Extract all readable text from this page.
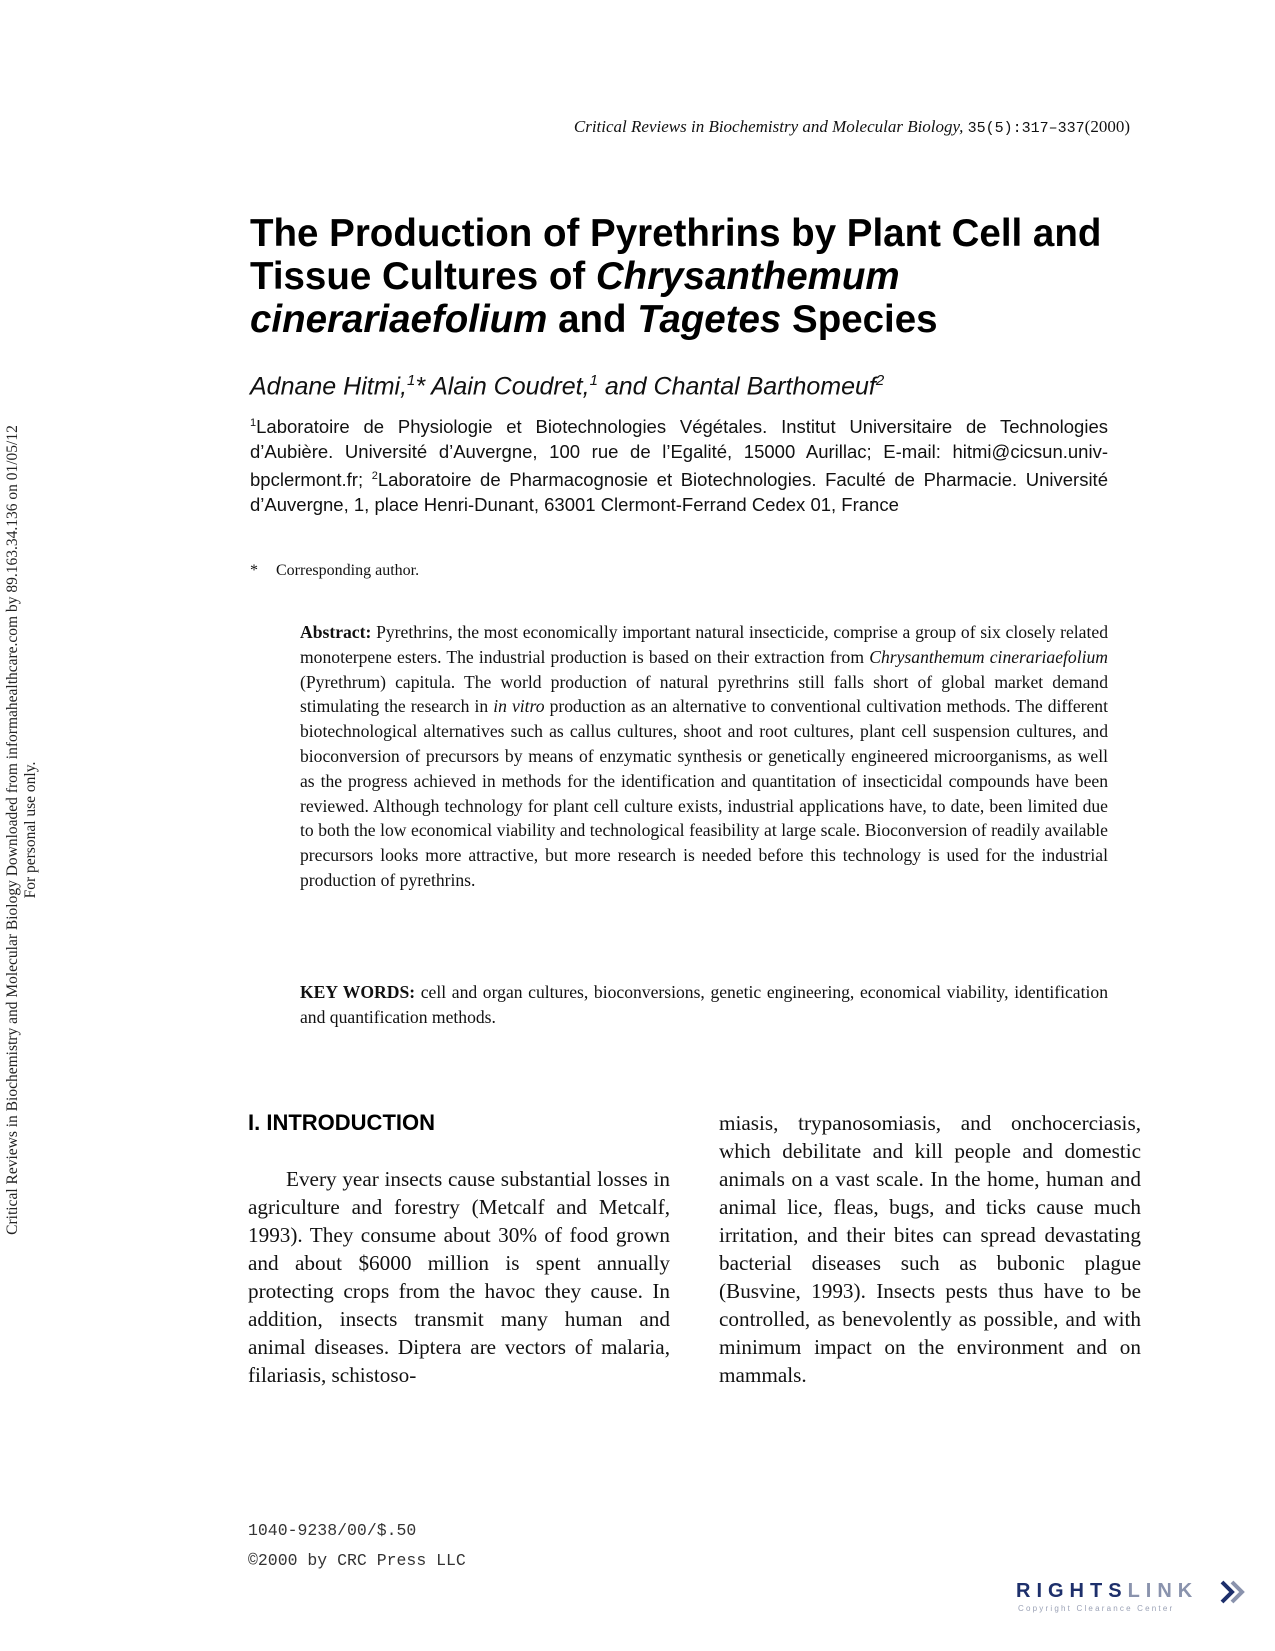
Critical Reviews in Biochemistry and Molecular Biology Downloaded from informahealthcare.com by 89.163.34.136 on 01/05/12 For personal use only.
Critical Reviews in Biochemistry and Molecular Biology, 35(5):317–337(2000)
The Production of Pyrethrins by Plant Cell and
Tissue Cultures of Chrysanthemum
cinerariaefolium and Tagetes Species
Adnane Hitmi,$^1$* Alain Coudret,$^1$ and Chantal Barthomeuf$^2$
$^1$Laboratoire de Physiologie et Biotechnologies Végétales. Institut Universitaire de Technologies d’Aubière. Université d’Auvergne, 100 rue de l’Egalité, 15000 Aurillac; E-mail: hitmi@cicsun.univ-bpclermont.fr; $^2$Laboratoire de Pharmacognosie et Biotechnologies. Faculté de Pharmacie. Université d’Auvergne, 1, place Henri-Dunant, 63001 Clermont-Ferrand Cedex 01, France
* Corresponding author.

Abstract: Pyrethrins, the most economically important natural insecticide, comprise a group of six closely related monoterpene esters. The industrial production is based on their extraction from Chrysanthemum cinerariaefolium (Pyrethrum) capitula. The world production of natural pyrethrins still falls short of global market demand stimulating the research in in vitro production as an alternative to conventional cultivation methods. The different biotechnological alternatives such as callus cultures, shoot and root cultures, plant cell suspension cultures, and bioconversion of precursors by means of enzymatic synthesis or genetically engineered microorganisms, as well as the progress achieved in methods for the identification and quantitation of insecticidal compounds have been reviewed. Although technology for plant cell culture exists, industrial applications have, to date, been limited due to both the low economical viability and technological feasibility at large scale. Bioconversion of readily available precursors looks more attractive, but more research is needed before this technology is used for the industrial production of pyrethrins.

KEY WORDS: cell and organ cultures, bioconversions, genetic engineering, economical viability, identification and quantification methods.

I. INTRODUCTION

Every year insects cause substantial losses in agriculture and forestry (Metcalf and Metcalf, 1993). They consume about 30% of food grown and about $6000 million is spent annually protecting crops from the havoc they cause. In addition, insects transmit many human and animal diseases. Diptera are vectors of malaria, filariasis, schistoso-

miasis, trypanosomiasis, and onchocerciasis, which debilitate and kill people and domestic animals on a vast scale. In the home, human and animal lice, fleas, bugs, and ticks cause much irritation, and their bites can spread devastating bacterial diseases such as bubonic plague (Busvine, 1993). Insects pests thus have to be controlled, as benevolently as possible, and with minimum impact on the environment and on mammals.

1040-9238/00/$.50
©2000 by CRC Press LLC
RIGHTSLINK
Copyright Clearance Center
